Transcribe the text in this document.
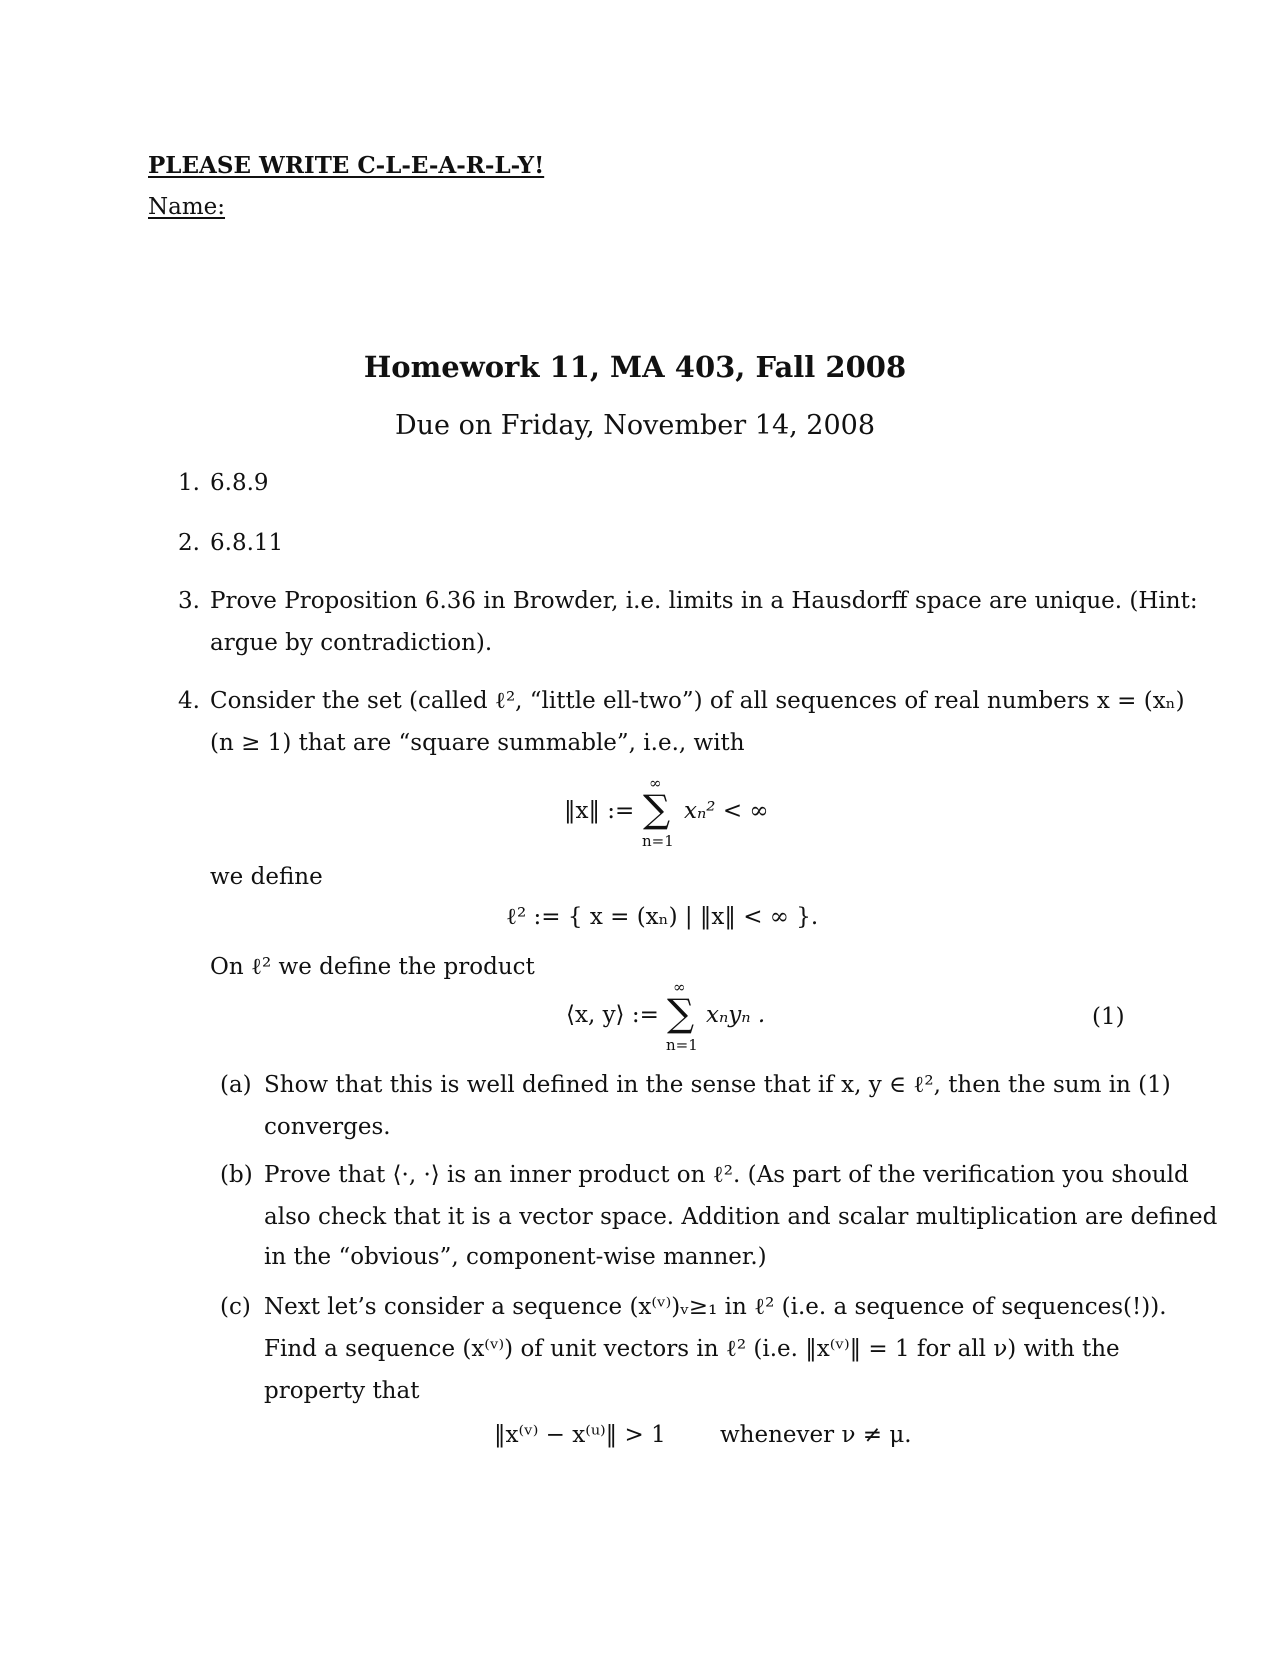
PLEASE WRITE C-L-E-A-R-L-Y!
Name:
Homework 11, MA 403, Fall 2008
Due on Friday, November 14, 2008
1. 6.8.9
2. 6.8.11
3. Prove Proposition 6.36 in Browder, i.e. limits in a Hausdorff space are unique. (Hint:
argue by contradiction).
4. Consider the set (called ℓ², “little ell-two”) of all sequences of real numbers x = (xₙ)
(n ≥ 1) that are “square summable”, i.e., with
‖x‖ :=
∞
∑
n=1
xₙ² < ∞
we define
ℓ² := { x = (xₙ) | ‖x‖ < ∞ }.
On ℓ² we define the product
⟨x, y⟩ :=
∞
∑
n=1
xₙyₙ .	(1)
(a) Show that this is well defined in the sense that if x, y ∈ ℓ², then the sum in (1)
converges.
(b) Prove that ⟨·, ·⟩ is an inner product on ℓ². (As part of the verification you should
also check that it is a vector space. Addition and scalar multiplication are defined
in the “obvious”, component-wise manner.)
(c) Next let’s consider a sequence (x⁽ᵛ⁾)ᵥ≥₁ in ℓ² (i.e. a sequence of sequences(!)).
Find a sequence (x⁽ᵛ⁾) of unit vectors in ℓ² (i.e. ‖x⁽ᵛ⁾‖ = 1 for all ν) with the
property that
‖x⁽ᵛ⁾ − x⁽ᵘ⁾‖ > 1 whenever ν ≠ μ.
